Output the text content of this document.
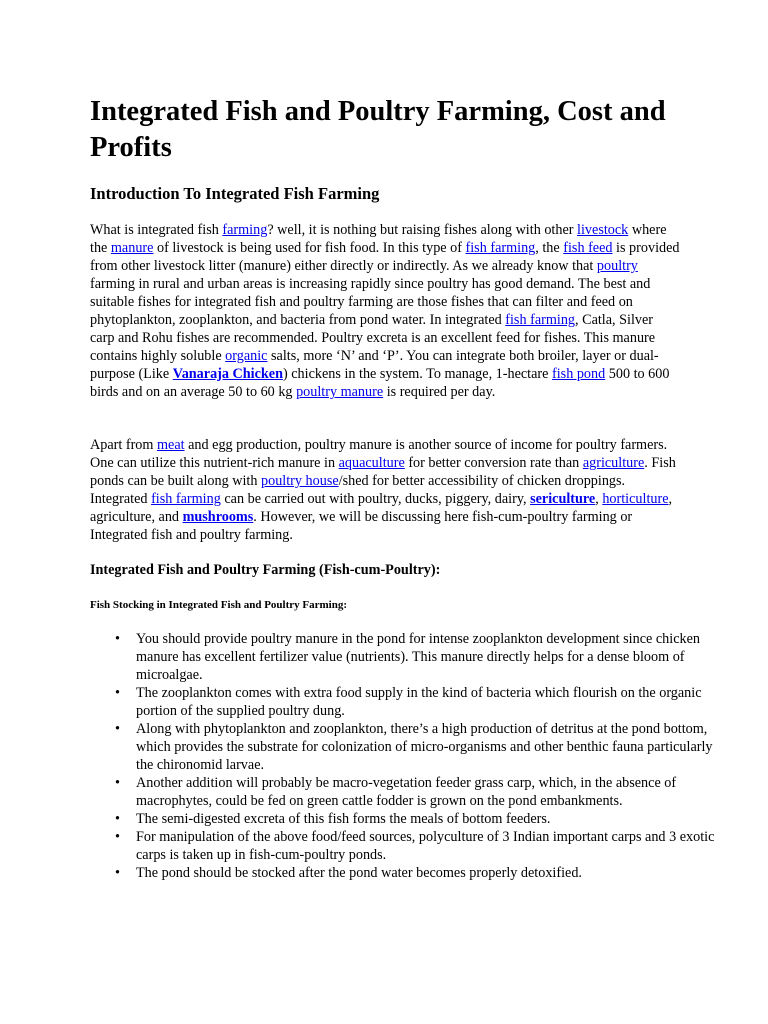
Integrated Fish and Poultry Farming, Cost and Profits
Introduction To Integrated Fish Farming

What is integrated fish farming? well, it is nothing but raising fishes along with other livestock where the manure of livestock is being used for fish food. In this type of fish farming, the fish feed is provided from other livestock litter (manure) either directly or indirectly. As we already know that poultry farming in rural and urban areas is increasing rapidly since poultry has good demand. The best and suitable fishes for integrated fish and poultry farming are those fishes that can filter and feed on phytoplankton, zooplankton, and bacteria from pond water. In integrated fish farming, Catla, Silver carp and Rohu fishes are recommended. Poultry excreta is an excellent feed for fishes. This manure contains highly soluble organic salts, more ‘N’ and ‘P’. You can integrate both broiler, layer or dual-purpose (Like Vanaraja Chicken) chickens in the system. To manage, 1-hectare fish pond 500 to 600 birds and on an average 50 to 60 kg poultry manure is required per day.

Apart from meat and egg production, poultry manure is another source of income for poultry farmers. One can utilize this nutrient-rich manure in aquaculture for better conversion rate than agriculture. Fish ponds can be built along with poultry house/shed for better accessibility of chicken droppings. Integrated fish farming can be carried out with poultry, ducks, piggery, dairy, sericulture, horticulture, agriculture, and mushrooms. However, we will be discussing here fish-cum-poultry farming or Integrated fish and poultry farming.

Integrated Fish and Poultry Farming (Fish-cum-Poultry):
Fish Stocking in Integrated Fish and Poultry Farming:
• You should provide poultry manure in the pond for intense zooplankton development since chicken manure has excellent fertilizer value (nutrients). This manure directly helps for a dense bloom of microalgae.
• The zooplankton comes with extra food supply in the kind of bacteria which flourish on the organic portion of the supplied poultry dung.
• Along with phytoplankton and zooplankton, there’s a high production of detritus at the pond bottom, which provides the substrate for colonization of micro-organisms and other benthic fauna particularly the chironomid larvae.
• Another addition will probably be macro-vegetation feeder grass carp, which, in the absence of macrophytes, could be fed on green cattle fodder is grown on the pond embankments.
• The semi-digested excreta of this fish forms the meals of bottom feeders.
• For manipulation of the above food/feed sources, polyculture of 3 Indian important carps and 3 exotic carps is taken up in fish-cum-poultry ponds.
• The pond should be stocked after the pond water becomes properly detoxified.
